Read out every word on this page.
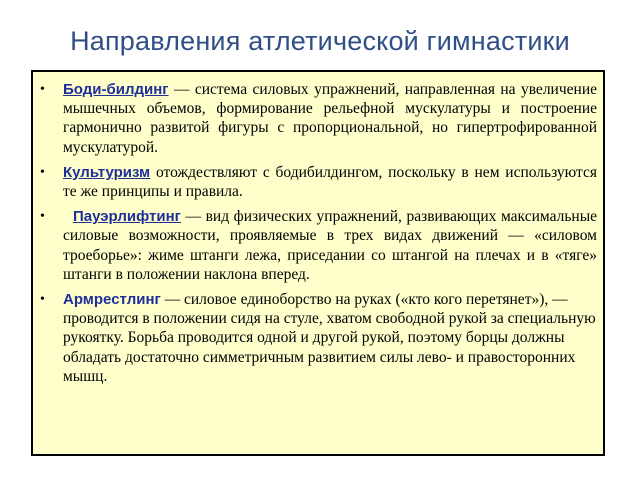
Направления атлетической гимнастики
• Боди-билдинг — система силовых упражнений, направленная на увеличение мышечных объемов, формирование рельефной мускулатуры и построение гармонично развитой фигуры с пропорциональной, но гипертрофированной мускулатурой.
• Культуризм отождествляют с бодибилдингом, поскольку в нем используются те же принципы и правила.
• Пауэрлифтинг — вид физических упражнений, развивающих максимальные силовые возможности, проявляемые в трех видах движений — «силовом троеборье»: жиме штанги лежа, приседании со штангой на плечах и в «тяге» штанги в положении наклона вперед.
• Армрестлинг — силовое единоборство на руках («кто кого перетянет»), — проводится в положении сидя на стуле, хватом свободной рукой за специальную рукоятку. Борьба проводится одной и другой рукой, поэтому борцы должны обладать достаточно симметричным развитием силы лево- и правосторонних мышц.
